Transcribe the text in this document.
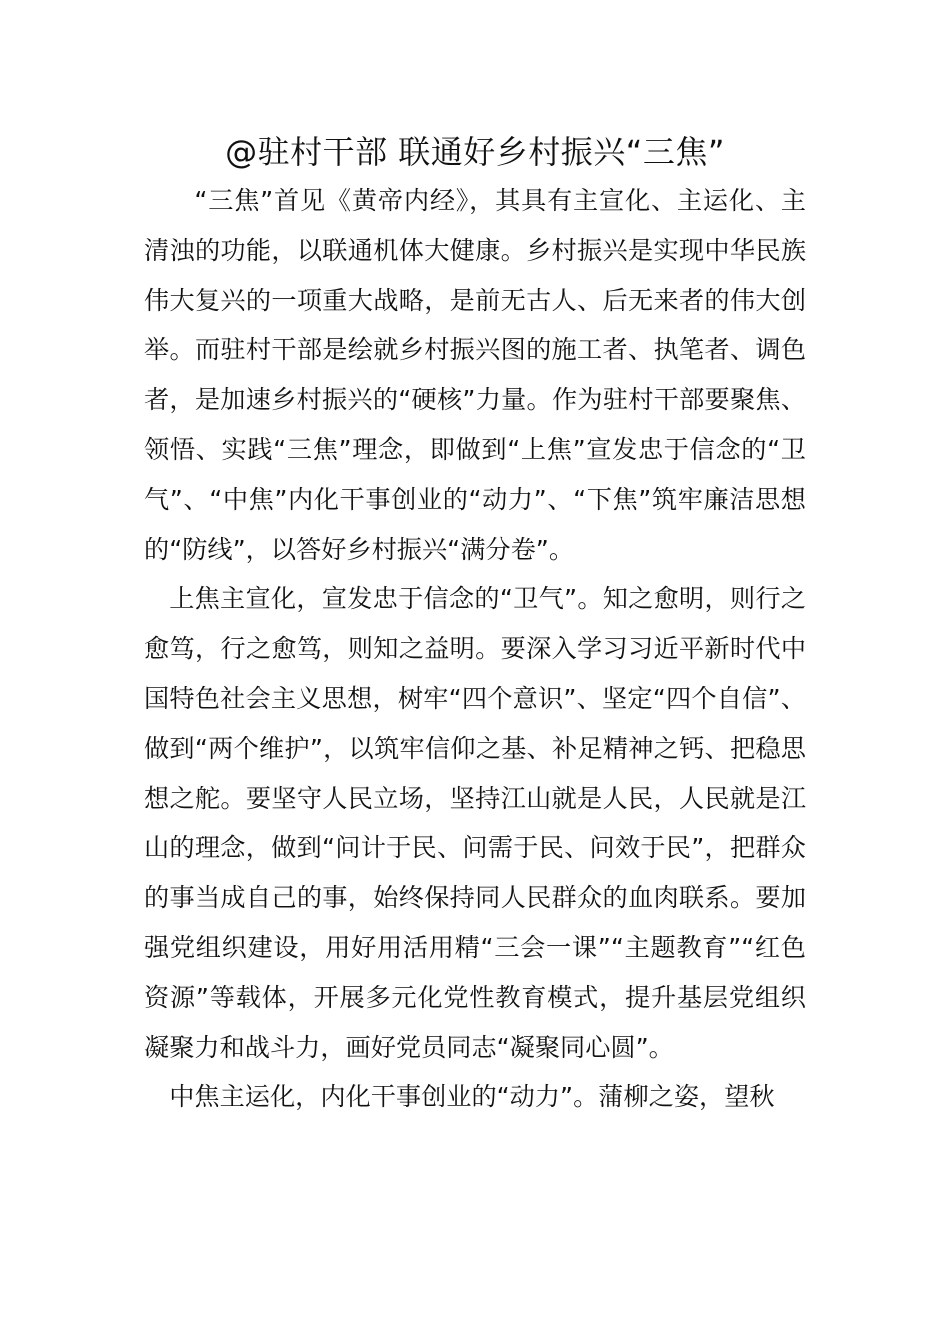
@驻村干部 联通好乡村振兴“三焦”

“三焦”首见《黄帝内经》，其具有主宣化、主运化、主清浊的功能，以联通机体大健康。乡村振兴是实现中华民族伟大复兴的一项重大战略，是前无古人、后无来者的伟大创举。而驻村干部是绘就乡村振兴图的施工者、执笔者、调色者，是加速乡村振兴的“硬核”力量。作为驻村干部要聚焦、领悟、实践“三焦”理念，即做到“上焦”宣发忠于信念的“卫气”、“中焦”内化干事创业的“动力”、“下焦”筑牢廉洁思想的“防线”，以答好乡村振兴“满分卷”。

上焦主宣化，宣发忠于信念的“卫气”。知之愈明，则行之愈笃，行之愈笃，则知之益明。要深入学习习近平新时代中国特色社会主义思想，树牢“四个意识”、坚定“四个自信”、做到“两个维护”，以筑牢信仰之基、补足精神之钙、把稳思想之舵。要坚守人民立场，坚持江山就是人民，人民就是江山的理念，做到“问计于民、问需于民、问效于民”，把群众的事当成自己的事，始终保持同人民群众的血肉联系。要加强党组织建设，用好用活用精“三会一课”“主题教育”“红色资源”等载体，开展多元化党性教育模式，提升基层党组织凝聚力和战斗力，画好党员同志“凝聚同心圆”。

中焦主运化，内化干事创业的“动力”。蒲柳之姿，望秋
